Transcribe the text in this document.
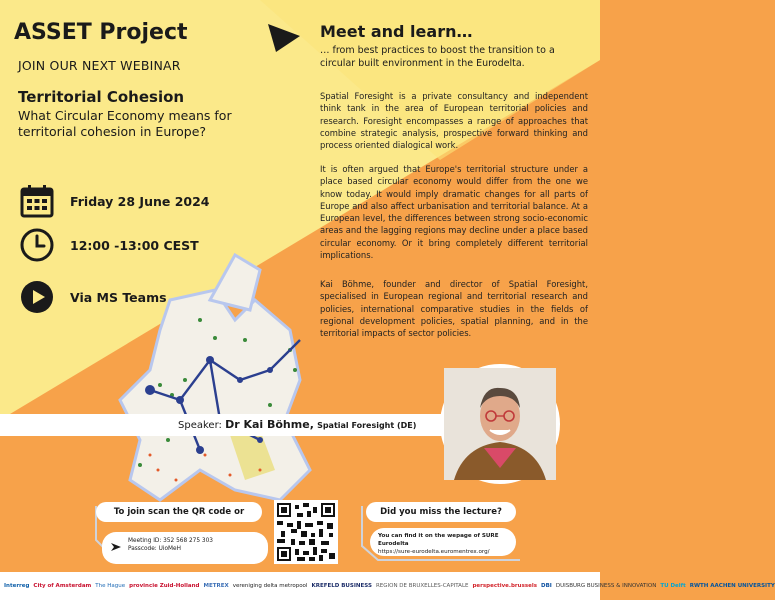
ASSET Project
JOIN OUR NEXT WEBINAR
Territorial Cohesion
What Circular Economy means for territorial cohesion in Europe?
Friday 28 June 2024
12:00 -13:00 CEST
Via MS Teams
Meet and learn…
… from best practices to boost the transition to a circular built environment in the Eurodelta.
Spatial Foresight is a private consultancy and independent think tank in the area of European territorial policies and research. Foresight encompasses a range of approaches that combine strategic analysis, prospective forward thinking and process oriented dialogical work.
It is often argued that Europe's territorial structure under a place based circular economy would differ from the one we know today. It would imply dramatic changes for all parts of Europe and also affect urbanisation and territorial balance. At a European level, the differences between strong socio-economic areas and the lagging regions may decline under a place based circular economy. Or it bring completely different territorial implications.
Kai Böhme, founder and director of Spatial Foresight, specialised in European regional and territorial research and policies, international comparative studies in the fields of regional development policies, spatial planning, and in the territorial impacts of sector policies.
Speaker: Dr Kai Böhme, Spatial Foresight (DE)
To join scan the QR code or
Meeting ID: 352 568 275 303
Passcode: UioMeH
Did you miss the lecture?
You can find it on the wepage of SURE Eurodelta
https://sure-eurodelta.euromentrex.org/
Interreg City of Amsterdam The Hague provincie Zuid-Holland METREX vereniging delta metropool KREFELD BUSINESS REGION DE BRUXELLES-CAPITALE perspective.brussels DBI DUISBURG BUSINESS & INNOVATION TU Delft RWTH AACHEN UNIVERSITY
